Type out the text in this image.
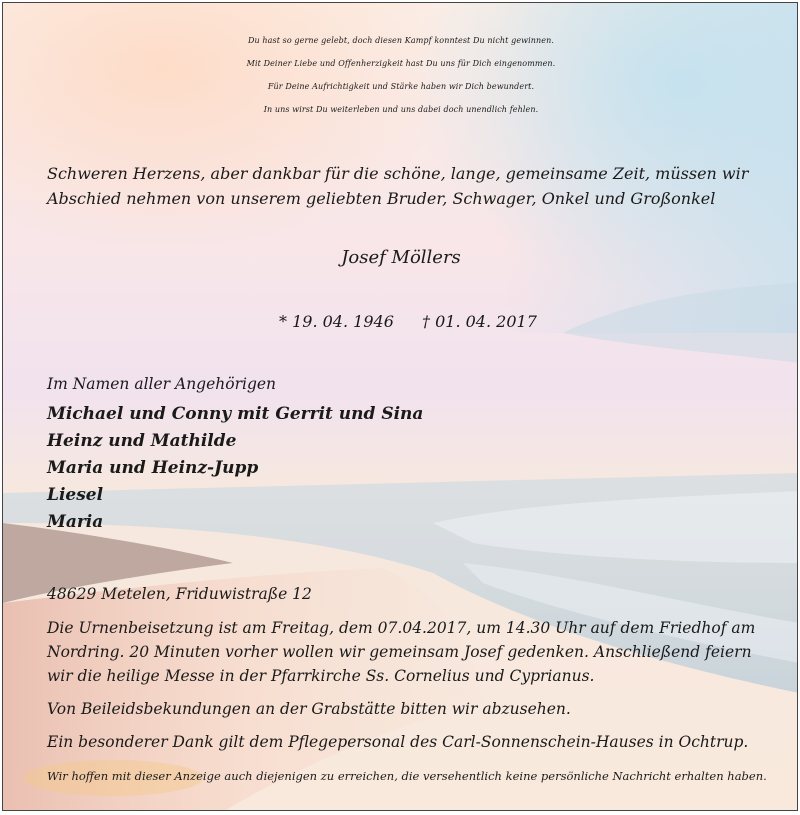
Du hast so gerne gelebt, doch diesen Kampf konntest Du nicht gewinnen.
Mit Deiner Liebe und Offenherzigkeit hast Du uns für Dich eingenommen.
Für Deine Aufrichtigkeit und Stärke haben wir Dich bewundert.
In uns wirst Du weiterleben und uns dabei doch unendlich fehlen.
Schweren Herzens, aber dankbar für die schöne, lange, gemeinsame Zeit, müssen wir
Abschied nehmen von unserem geliebten Bruder, Schwager, Onkel und Großonkel
Josef Möllers
* 19. 04. 1946 † 01. 04. 2017
Im Namen aller Angehörigen
Michael und Conny mit Gerrit und Sina
Heinz und Mathilde
Maria und Heinz-Jupp
Liesel
Maria
48629 Metelen, Friduwistraße 12
Die Urnenbeisetzung ist am Freitag, dem 07.04.2017, um 14.30 Uhr auf dem Friedhof am
Nordring. 20 Minuten vorher wollen wir gemeinsam Josef gedenken. Anschließend feiern
wir die heilige Messe in der Pfarrkirche Ss. Cornelius und Cyprianus.
Von Beileidsbekundungen an der Grabstätte bitten wir abzusehen.
Ein besonderer Dank gilt dem Pflegepersonal des Carl-Sonnenschein-Hauses in Ochtrup.
Wir hoffen mit dieser Anzeige auch diejenigen zu erreichen, die versehentlich keine persönliche Nachricht erhalten haben.
